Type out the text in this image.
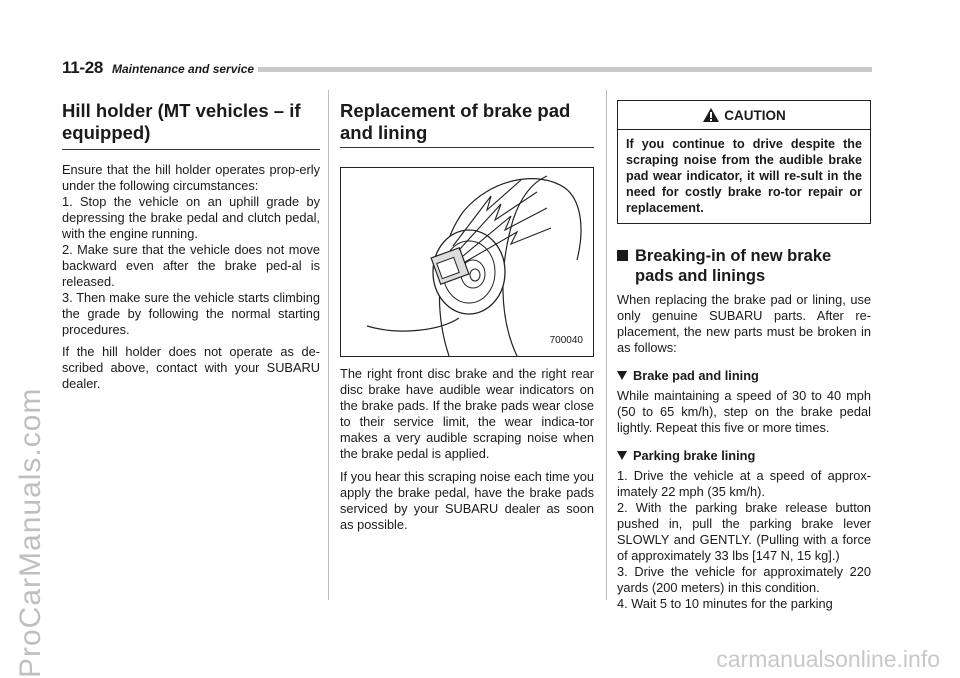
11-28 Maintenance and service
Hill holder (MT vehicles – if equipped)

Ensure that the hill holder operates prop-erly under the following circumstances:

1. Stop the vehicle on an uphill grade by depressing the brake pedal and clutch pedal, with the engine running.

2. Make sure that the vehicle does not move backward even after the brake ped-al is released.

3. Then make sure the vehicle starts climbing the grade by following the normal starting procedures.

If the hill holder does not operate as de-scribed above, contact with your SUBARU dealer.

Replacement of brake pad and lining
700040

The right front disc brake and the right rear disc brake have audible wear indicators on the brake pads. If the brake pads wear close to their service limit, the wear indica-tor makes a very audible scraping noise when the brake pedal is applied.

If you hear this scraping noise each time you apply the brake pedal, have the brake pads serviced by your SUBARU dealer as soon as possible.

CAUTION
If you continue to drive despite the scraping noise from the audible brake pad wear indicator, it will re-sult in the need for costly brake ro-tor repair or replacement.
Breaking-in of new brake pads and linings

When replacing the brake pad or lining, use only genuine SUBARU parts. After re-placement, the new parts must be broken in as follows:

Brake pad and lining

While maintaining a speed of 30 to 40 mph (50 to 65 km/h), step on the brake pedal lightly. Repeat this five or more times.

Parking brake lining

1. Drive the vehicle at a speed of approx-imately 22 mph (35 km/h).

2. With the parking brake release button pushed in, pull the parking brake lever SLOWLY and GENTLY. (Pulling with a force of approximately 33 lbs [147 N, 15 kg].)

3. Drive the vehicle for approximately 220 yards (200 meters) in this condition.

4. Wait 5 to 10 minutes for the parking

ProCarManuals.com	carmanualsonline.info
